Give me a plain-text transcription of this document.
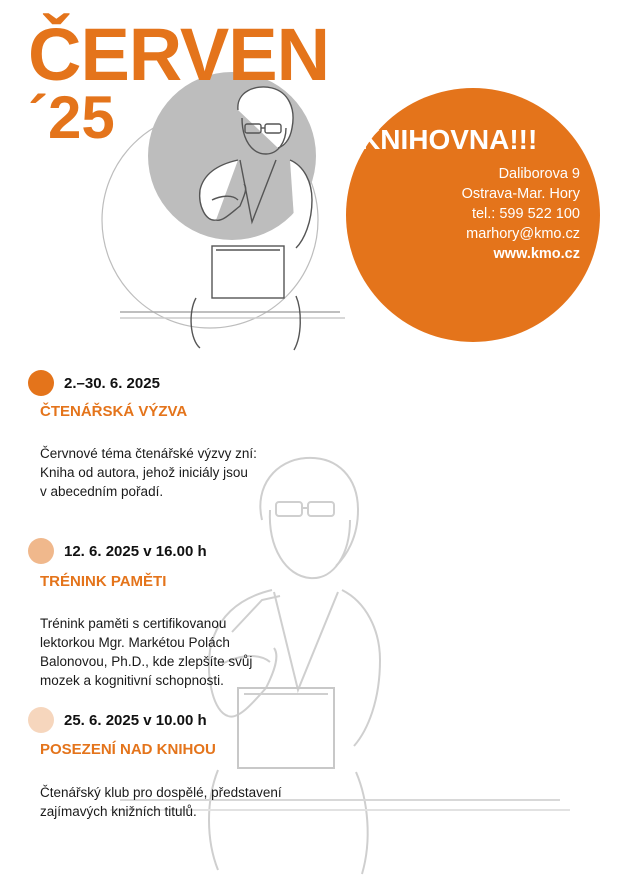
ČERVEN
´25	KNIHOVNA!!!
Daliborova 9
Ostrava-Mar. Hory
tel.: 599 522 100
marhory@kmo.cz
www.kmo.cz
2.–30. 6. 2025
ČTENÁŘSKÁ VÝZVA
Červnové téma čtenářské výzvy zní:
Kniha od autora, jehož iniciály jsou
v abecedním pořadí.
12. 6. 2025 v 16.00 h
TRÉNINK PAMĚTI
Trénink paměti s certifikovanou
lektorkou Mgr. Markétou Polách
Balonovou, Ph.D., kde zlepšíte svůj
mozek a kognitivní schopnosti.
25. 6. 2025 v 10.00 h
POSEZENÍ NAD KNIHOU
Čtenářský klub pro dospělé, představení
zajímavých knižních titulů.
